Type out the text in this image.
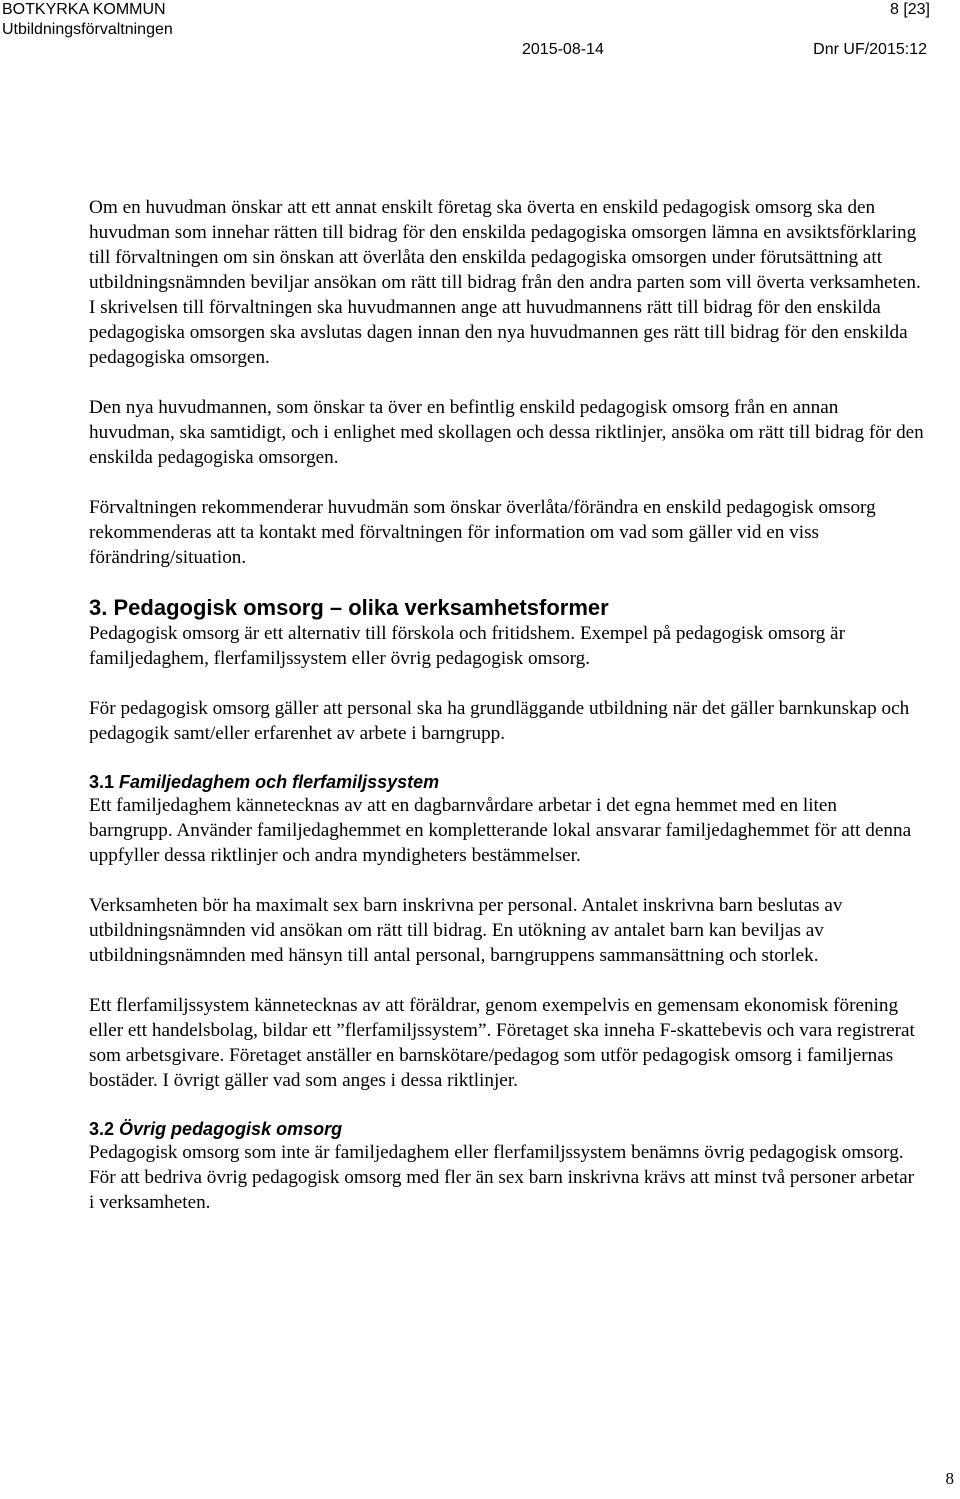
BOTKYRKA KOMMUN
Utbildningsförvaltningen
8 [23]
2015-08-14	Dnr UF/2015:12

Om en huvudman önskar att ett annat enskilt företag ska överta en enskild pedagogisk omsorg ska den huvudman som innehar rätten till bidrag för den enskilda pedagogiska omsorgen lämna en avsiktsförklaring till förvaltningen om sin önskan att överlåta den enskilda pedagogiska omsorgen under förutsättning att utbildningsnämnden beviljar ansökan om rätt till bidrag från den andra parten som vill överta verksamheten. I skrivelsen till förvaltningen ska huvudmannen ange att huvudmannens rätt till bidrag för den enskilda pedagogiska omsorgen ska avslutas dagen innan den nya huvudmannen ges rätt till bidrag för den enskilda pedagogiska omsorgen.

Den nya huvudmannen, som önskar ta över en befintlig enskild pedagogisk omsorg från en annan huvudman, ska samtidigt, och i enlighet med skollagen och dessa riktlinjer, ansöka om rätt till bidrag för den enskilda pedagogiska omsorgen.

Förvaltningen rekommenderar huvudmän som önskar överlåta/förändra en enskild pedagogisk omsorg rekommenderas att ta kontakt med förvaltningen för information om vad som gäller vid en viss förändring/situation.

3. Pedagogisk omsorg – olika verksamhetsformer

Pedagogisk omsorg är ett alternativ till förskola och fritidshem. Exempel på pedagogisk omsorg är familjedaghem, flerfamiljssystem eller övrig pedagogisk omsorg.

För pedagogisk omsorg gäller att personal ska ha grundläggande utbildning när det gäller barnkunskap och pedagogik samt/eller erfarenhet av arbete i barngrupp.

3.1 Familjedaghem och flerfamiljssystem

Ett familjedaghem kännetecknas av att en dagbarnvårdare arbetar i det egna hemmet med en liten barngrupp. Använder familjedaghemmet en kompletterande lokal ansvarar familjedaghemmet för att denna uppfyller dessa riktlinjer och andra myndigheters bestämmelser.

Verksamheten bör ha maximalt sex barn inskrivna per personal. Antalet inskrivna barn beslutas av utbildningsnämnden vid ansökan om rätt till bidrag. En utökning av antalet barn kan beviljas av utbildningsnämnden med hänsyn till antal personal, barngruppens sammansättning och storlek.

Ett flerfamiljssystem kännetecknas av att föräldrar, genom exempelvis en gemensam ekonomisk förening eller ett handelsbolag, bildar ett ”flerfamiljssystem”. Företaget ska inneha F-skattebevis och vara registrerat som arbetsgivare. Företaget anställer en barnskötare/pedagog som utför pedagogisk omsorg i familjernas bostäder. I övrigt gäller vad som anges i dessa riktlinjer.

3.2 Övrig pedagogisk omsorg

Pedagogisk omsorg som inte är familjedaghem eller flerfamiljssystem benämns övrig pedagogisk omsorg. För att bedriva övrig pedagogisk omsorg med fler än sex barn inskrivna krävs att minst två personer arbetar i verksamheten.

8
